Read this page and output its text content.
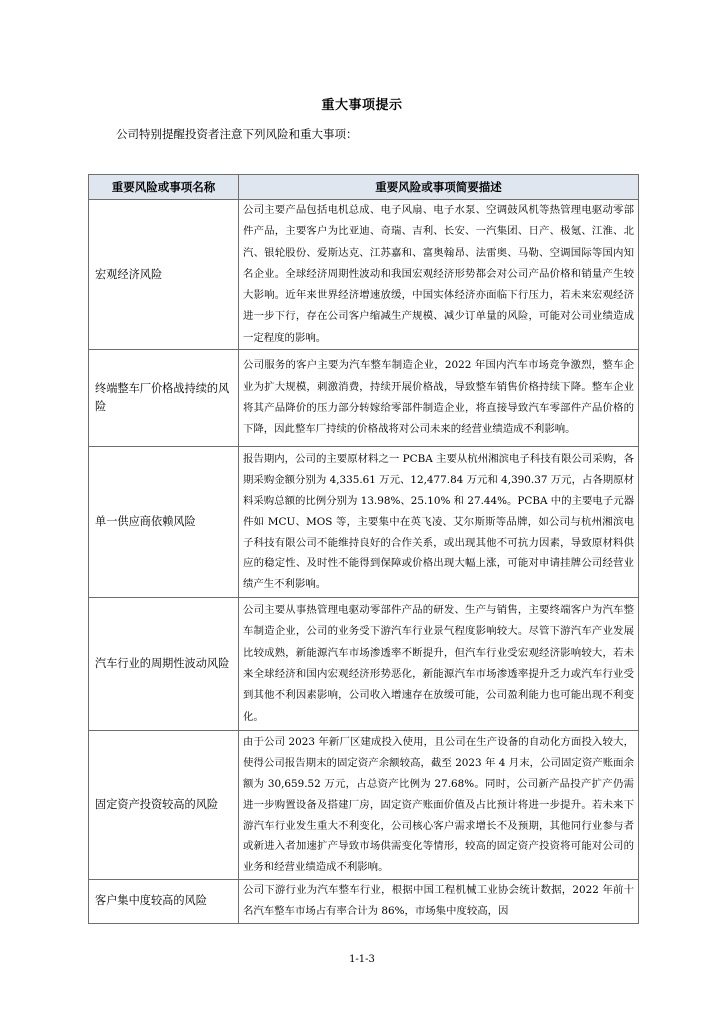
重大事项提示
公司特别提醒投资者注意下列风险和重大事项：
重要风险或事项名称	重要风险或事项简要描述
宏观经济风险	公司主要产品包括电机总成、电子风扇、电子水泵、空调鼓风机等热管理电驱动零部件产品，主要客户为比亚迪、奇瑞、吉利、长安、一汽集团、日产、极氪、江淮、北汽、银轮股份、爱斯达克、江苏嘉和、富奥翰昂、法雷奥、马勒、空调国际等国内知名企业。全球经济周期性波动和我国宏观经济形势都会对公司产品价格和销量产生较大影响。近年来世界经济增速放缓，中国实体经济亦面临下行压力，若未来宏观经济进一步下行，存在公司客户缩减生产规模、减少订单量的风险，可能对公司业绩造成一定程度的影响。
终端整车厂价格战持续的风险	公司服务的客户主要为汽车整车制造企业，2022 年国内汽车市场竞争激烈，整车企业为扩大规模，刺激消费，持续开展价格战，导致整车销售价格持续下降。整车企业将其产品降价的压力部分转嫁给零部件制造企业，将直接导致汽车零部件产品价格的下降，因此整车厂持续的价格战将对公司未来的经营业绩造成不利影响。
单一供应商依赖风险	报告期内，公司的主要原材料之一 PCBA 主要从杭州湘滨电子科技有限公司采购，各期采购金额分别为 4,335.61 万元、12,477.84 万元和 4,390.37 万元，占各期原材料采购总额的比例分别为 13.98%、25.10% 和 27.44%。PCBA 中的主要电子元器件如 MCU、MOS 等，主要集中在英飞凌、艾尔斯斯等品牌，如公司与杭州湘滨电子科技有限公司不能维持良好的合作关系，或出现其他不可抗力因素，导致原材料供应的稳定性、及时性不能得到保障或价格出现大幅上涨，可能对申请挂牌公司经营业绩产生不利影响。
汽车行业的周期性波动风险	公司主要从事热管理电驱动零部件产品的研发、生产与销售，主要终端客户为汽车整车制造企业，公司的业务受下游汽车行业景气程度影响较大。尽管下游汽车产业发展比较成熟，新能源汽车市场渗透率不断提升，但汽车行业受宏观经济影响较大，若未来全球经济和国内宏观经济形势恶化，新能源汽车市场渗透率提升乏力或汽车行业受到其他不利因素影响，公司收入增速存在放缓可能，公司盈利能力也可能出现不利变化。
固定资产投资较高的风险	由于公司 2023 年新厂区建成投入使用，且公司在生产设备的自动化方面投入较大，使得公司报告期末的固定资产余额较高，截至 2023 年 4 月末，公司固定资产账面余额为 30,659.52 万元，占总资产比例为 27.68%。同时，公司新产品投产扩产仍需进一步购置设备及搭建厂房，固定资产账面价值及占比预计将进一步提升。若未来下游汽车行业发生重大不利变化，公司核心客户需求增长不及预期，其他同行业参与者或新进入者加速扩产导致市场供需变化等情形，较高的固定资产投资将可能对公司的业务和经营业绩造成不利影响。
客户集中度较高的风险	公司下游行业为汽车整车行业，根据中国工程机械工业协会统计数据，2022 年前十名汽车整车市场占有率合计为 86%，市场集中度较高，因
1-1-3
